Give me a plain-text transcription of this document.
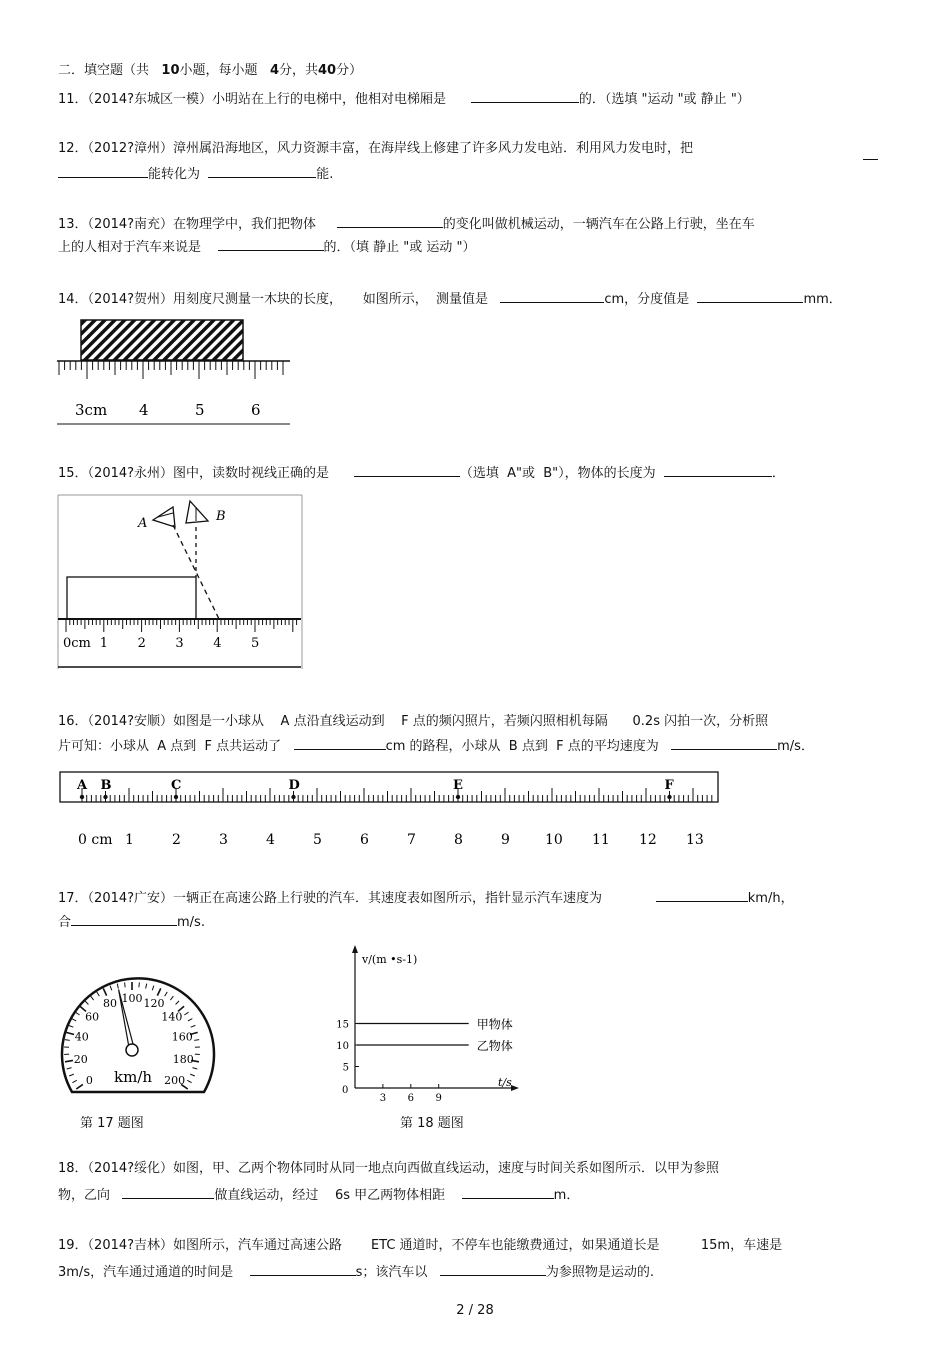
二．填空题（共 10小题，每小题 4分，共40分）
11．（2014?东城区一模）小明站在上行的电梯中，他相对电梯厢是	的．（选填 "运动 "或 静止 "）
12．（2012?漳州）漳州属沿海地区，风力资源丰富，在海岸线上修建了许多风力发电站．利用风力发电时，把
能转化为	能.
13．（2014?南充）在物理学中，我们把物体	的变化叫做机械运动，一辆汽车在公路上行驶，坐在车
上的人相对于汽车来说是	的．（填 静止 "或 运动 "）
14．（2014?贺州）用刻度尺测量一木块的长度，     如图所示，  测量值是	cm，分度值是	mm．
3cm 4	5	6
15．（2014?永州）图中，读数时视线正确的是	（选填  A"或  B"），物体的长度为	．
A	B
0cm 1 2 3 4 5
16．（2014?安顺）如图是一小球从    A 点沿直线运动到    F 点的频闪照片，若频闪照相机每隔      0.2s 闪拍一次，分析照
片可知：小球从  A 点到  F 点共运动了	cm 的路程，小球从  B 点到  F 点的平均速度为	m/s．
A B	C	D	E	F
0 cm 1	2	3	4	5	6	7	8	9	10 11 12 13
17．（2014?广安）一辆正在高速公路上行驶的汽车．其速度表如图所示，指针显示汽车速度为	km/h，
合	m/s.
0
20
40
60
80 100 120
140
160
180
200
km/h
第 17 题图
v/(m •s-1)
t/s
0
5
10
15
3 6 9
甲物体
乙物体
第 18 题图
18．（2014?绥化）如图，甲、乙两个物体同时从同一地点向西做直线运动，速度与时间关系如图所示．以甲为参照
物，乙向	做直线运动，经过    6s 甲乙两物体相距	m．
19．（2014?吉林）如图所示，汽车通过高速公路       ETC 通道时，不停车也能缴费通过，如果通道长是          15m，车速是
3m/s，汽车通过通道的时间是	s；该汽车以	为参照物是运动的.
2 / 28
